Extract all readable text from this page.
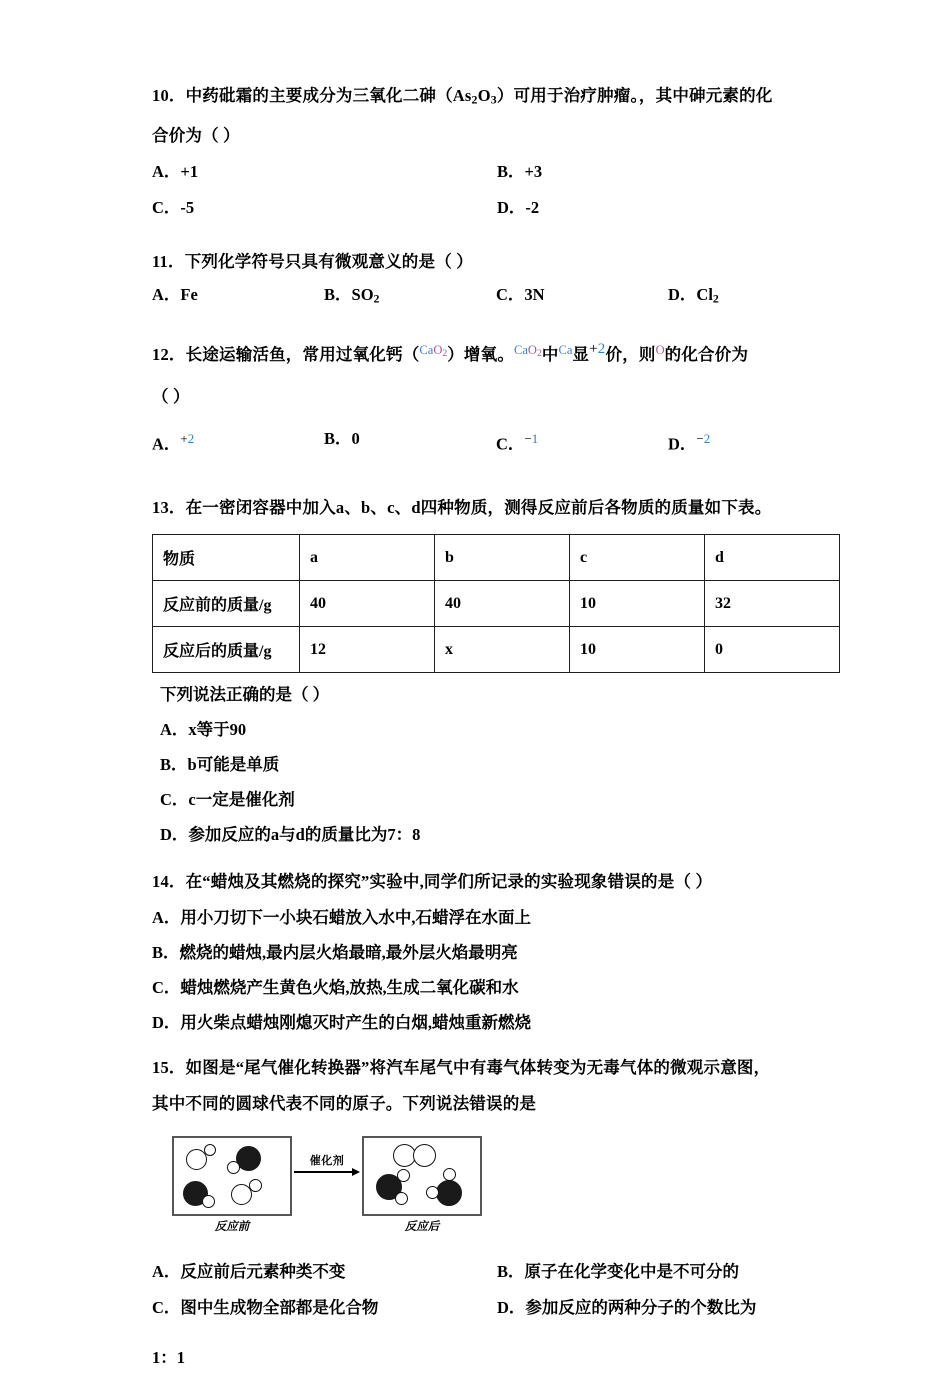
10．中药砒霜的主要成分为三氧化二砷$(As_2O_3)$可用于治疗肿瘤。，其中砷元素的化
合价为（ ）
A．+1	B．+3
C．-5	D．-2
11．下列化学符号只具有微观意义的是（ ）
A．Fe	B．$SO_2$	C．3N	D．$Cl_2$
12．长途运输活鱼，常用过氧化钙（$^{CaO_2}$）增氧。$^{CaO_2}$中$^{Ca}$显+2价，则$^O$的化合价为
（ ）
A．$^{+2}$	B．0	C．$^{-1}$	D．$^{-2}$
13．在一密闭容器中加入a、b、c、d四种物质，测得反应前后各物质的质量如下表。
物质	a	b	c	d
反应前的质量/g	40	40	10	32
反应后的质量/g	12	x	10	0
下列说法正确的是（ ）
A．x等于90
B．b可能是单质
C．c一定是催化剂
D．参加反应的a与d的质量比为7：8
14．在“蜡烛及其燃烧的探究”实验中,同学们所记录的实验现象错误的是（ ）
A．用小刀切下一小块石蜡放入水中,石蜡浮在水面上
B．燃烧的蜡烛,最内层火焰最暗,最外层火焰最明亮
C．蜡烛燃烧产生黄色火焰,放热,生成二氧化碳和水
D．用火柴点蜡烛刚熄灭时产生的白烟,蜡烛重新燃烧
15．如图是“尾气催化转换器”将汽车尾气中有毒气体转变为无毒气体的微观示意图，
其中不同的圆球代表不同的原子。下列说法错误的是
催化剂
反应前	反应后
A．反应前后元素种类不变	B．原子在化学变化中是不可分的
C．图中生成物全部都是化合物	D．参加反应的两种分子的个数比为
1：1
